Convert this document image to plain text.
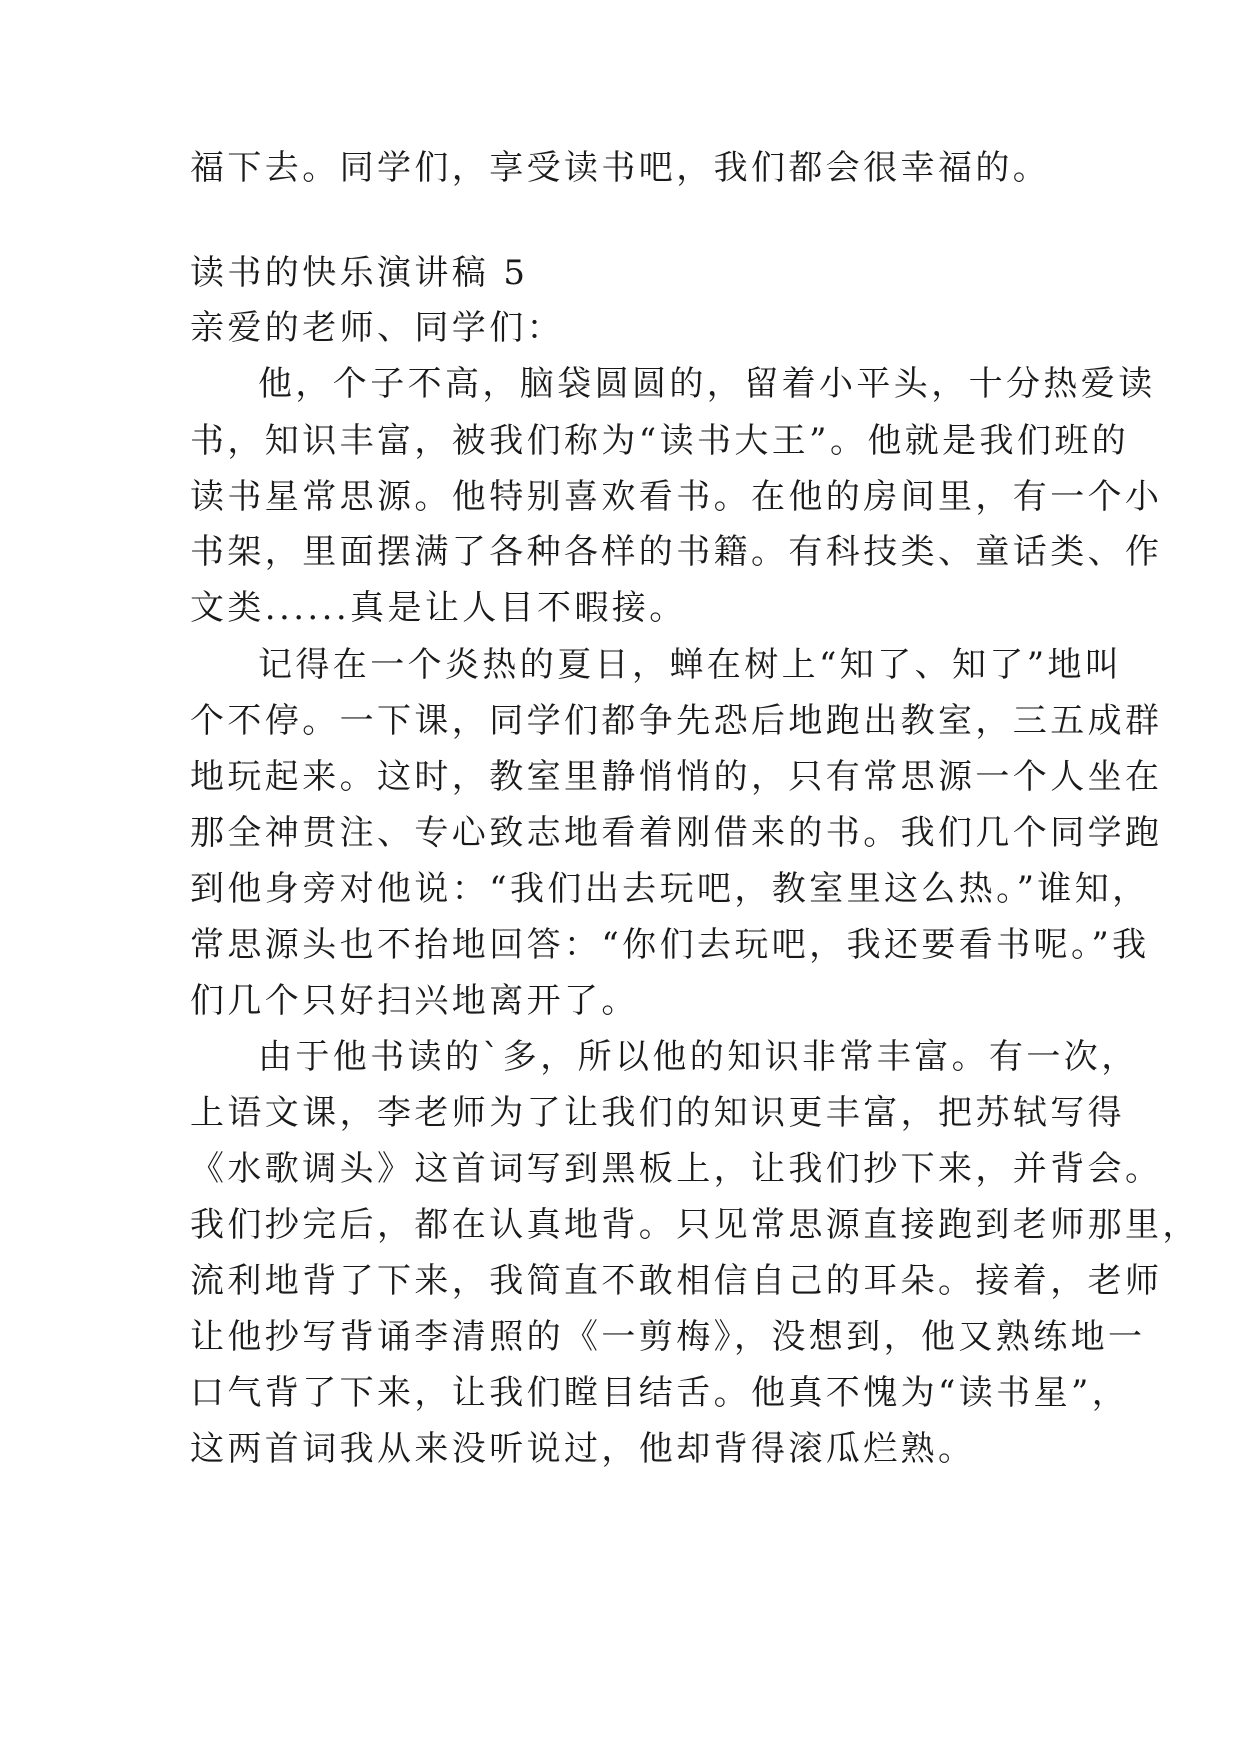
福下去。同学们，享受读书吧，我们都会很幸福的。
读书的快乐演讲稿 5
亲爱的老师、同学们：
他，个子不高，脑袋圆圆的，留着小平头，十分热爱读
书，知识丰富，被我们称为“读书大王”。他就是我们班的
读书星常思源。他特别喜欢看书。在他的房间里，有一个小
书架，里面摆满了各种各样的书籍。有科技类、童话类、作
文类......真是让人目不暇接。
记得在一个炎热的夏日，蝉在树上“知了、知了”地叫
个不停。一下课，同学们都争先恐后地跑出教室，三五成群
地玩起来。这时，教室里静悄悄的，只有常思源一个人坐在
那全神贯注、专心致志地看着刚借来的书。我们几个同学跑
到他身旁对他说：“我们出去玩吧，教室里这么热。”谁知，
常思源头也不抬地回答：“你们去玩吧，我还要看书呢。”我
们几个只好扫兴地离开了。
由于他书读的`多，所以他的知识非常丰富。有一次，
上语文课，李老师为了让我们的知识更丰富，把苏轼写得
《水歌调头》这首词写到黑板上，让我们抄下来，并背会。
我们抄完后，都在认真地背。只见常思源直接跑到老师那里，
流利地背了下来，我简直不敢相信自己的耳朵。接着，老师
让他抄写背诵李清照的《一剪梅》，没想到，他又熟练地一
口气背了下来，让我们瞠目结舌。他真不愧为“读书星”，
这两首词我从来没听说过，他却背得滚瓜烂熟。
